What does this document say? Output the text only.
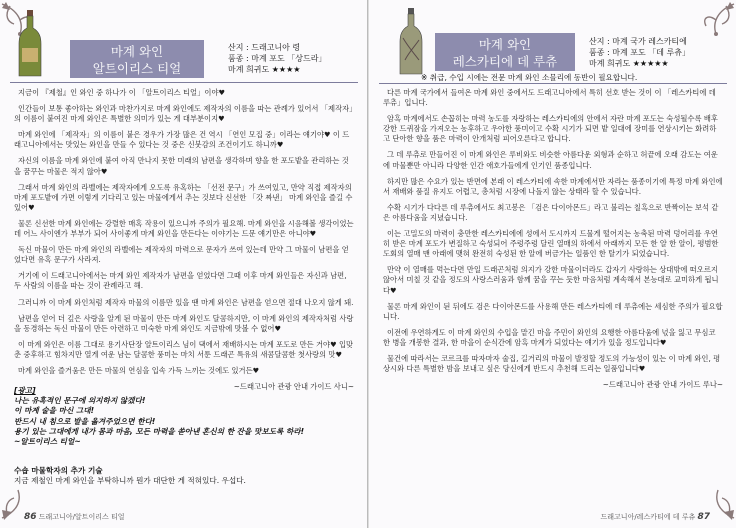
마계 와인
알트이리스 티얼
산지 : 드래고니아 령
품종 : 마계 포도 「상드라」
마계 희귀도 ★★★★

지금이 『제철』인 와인 중 하나가 이 「알트이리스 티얼」이야♥

인간들이 보통 좋아하는 와인과 마찬가지로 마계 와인에도 제작자의 이름을 따는 관례가 있어서 「제작자」의 이름이 붙여진 마계 와인은 특별한 의미가 있는 게 대부분이지♥

마계 와인에 「제작자」의 이름이 붙은 경우가 가장 많은 건 역시 「연인 모집 중」이라는 얘기야♥ 이 드래고니아에서는 맛있는 와인을 만들 수 있다는 것 중은 신붓감의 조건이기도 하니까♥

자신의 이름을 마계 와인에 붙여 아직 만나지 못한 미래의 남편을 생각하며 향을 한 포도밭을 관리하는 것을 꿈꾸는 마물은 적지 않아♥

그래서 마계 와인의 라벨에는 제작자에게 오도록 유혹하는 「선전 문구」가 쓰여있고, 만약 직접 제작자의 마계 포도밭에 가면 이렇게 기다리고 있는 마물에게서 추는 것보다 신선한 「갓 짜낸」 마계 와인을 즐길 수 있어♥

물론 신선한 마계 와인에는 강렬한 매혹 작용이 있으니까 주의가 필요해. 마계 와인을 시음해볼 생각이었는데 어느 사이엔가 부부가 되어 사이좋게 마계 와인을 만든다는 이야기는 드문 얘기만은 아니야♥

독신 마물이 만든 마계 와인의 라벨에는 제작자의 마력으로 문자가 쓰여 있는데 만약 그 마물이 남편을 얻었다면 유혹 문구가 사라져.

거기에 이 드래고니아에서는 마계 와인 제작자가 남편을 얻었다면 그때 이후 마계 와인들은 자신과 남편, 두 사람의 이름을 따는 것이 관례라고 해.

그러니까 이 마계 와인처럼 제작자 마물의 이름만 있을 땐 마계 와인은 남편을 얻으면 절대 나오지 않게 돼.

남편을 얻어 더 깊은 사랑을 알게 된 마물이 만든 마계 와인도 달콤하지만, 이 마계 와인의 제작자처럼 사랑을 동경하는 독신 마물이 만든 아련하고 미숙한 마계 와인도 지금밖에 맛볼 수 없어♥

이 마계 와인은 이름 그대로 용기사단장 알트이리스 님이 댁에서 재배하시는 마계 포도로 만든 거야♥ 입맞춘 중후하고 힘차지만 열게 여운 남는 달콤한 풍미는 마치 서툰 드래곤 특유의 새콤달콤한 첫사랑의 맛♥

마계 와인을 즐거움은 만든 마물의 연심을 입속 가득 느끼는 것에도 있거든♥

~드래고니아 관광 안내 가이드 사니~

[광고]
나는 유혹적인 문구에 의지하지 않겠다!
이 마계 술을 마신 그대!
반드시 내 침으로 발을 옮겨주었으면 한다!
용기 있는 그대에게 내가 몸과 마음, 모든 마력을 쏟아낸 혼신의 한 잔을 맛보도록 하라!
~알트이리스 티얼~
수숍 마물학자의 추가 기술
지금 제철인 마계 와인을 부탁하니까 뭔가 대단한 게 적혀있다. 우섭다.
86 드래고니아/알트이리스 티얼
마계 와인
레스카티에 데 루츄
산지 : 마계 국가 레스카티에
품종 : 마계 포도 「데 루츄」
마계 희귀도 ★★★★★
※ 취급, 수입 시에는 전문 마계 와인 소믈리에 동반이 필요합니다.

다른 마계 국가에서 들여온 마계 와인 중에서도 드래고니아에서 특히 선호 받는 것이 이 「레스카티에 데 루츄」입니다.

암흑 마계에서도 손꼽히는 마력 농도를 자랑하는 레스카티에의 안에서 자란 마계 포도는 숙성될수록 배후 강한 드퀴잠을 가져오는 농후하고 우아한 풍미이고 수확 시기가 되면 밭 일대에 장미를 연상시키는 화려하고 단아한 향을 품은 마력이 안개처럼 피어오른다고 합니다.

그 데 루츄로 만들어진 이 마계 와인은 루비와도 비슷한 아름다운 외형과 순하고 허끝에 오래 감도는 여운에 마물뿐만 아니라 다양한 인간 애호가들에게 인기인 품종입니다.

하지만 많은 수요가 있는 반면에 본래 이 레스카티에 속한 마계에서만 자라는 품종이기에 특정 마계 와인에서 재배와 품질 유지도 어렵고, 총처럼 시장에 나돌지 않는 상태라 할 수 있습니다.

수확 시기가 다다른 데 루츄에서도 최고봉은 「검은 다이아몬드」라고 불리는 칠흑으로 반짝이는 보석 같은 아름다움을 지녔습니다.

이는 고밀도의 마력이 충만한 레스카티에에 성에서 도시까지 드물게 떨어지는 농축된 마력 덩어리를 우연히 받은 마계 포도가 변질하고 숙성되어 주렁주렁 달린 열매의 하에서 아래까지 모든 한 알 한 알이, 평범한 도회의 열매 맨 아래에 맺혀 완전히 숙성된 한 알에 버금가는 일품인 한 탈기가 되었습니다.

만약 이 열매를 먹는다면 만일 드래곤처럼 의지가 강한 마물이더라도 갑자기 사랑하는 상대밖에 떠오르지 않아서 미칠 것 같을 정도의 사랑스러움과 함께 꿈을 꾸는 듯한 마음처럼 계속해서 본능대로 교미하게 됩니다♥

물론 마계 와인이 된 뒤에도 검은 다이아몬드를 사용해 만든 레스카티에 데 루츄에는 세심한 주의가 필요합니다.

이전에 우연하게도 이 마계 와인의 수입을 맡긴 마을 주민이 와인의 요행한 아름다움에 넋을 잃고 무심코 한 병을 개봉한 결과, 한 마을이 순식간에 암흑 마계가 되었다는 얘기가 있을 정도입니다♥

물건에 따라서는 코르크를 따자마자 술집, 길거리의 마물이 발정할 정도의 가능성이 있는 이 마계 와인, 평상시와 다른 특별한 밤을 보내고 싶은 당신에게 반드시 추천해 드리는 일품입니다♥

~드래고니아 관광 안내 가이드 루나~

드래고니아/레스카티에 데 루츄 87
